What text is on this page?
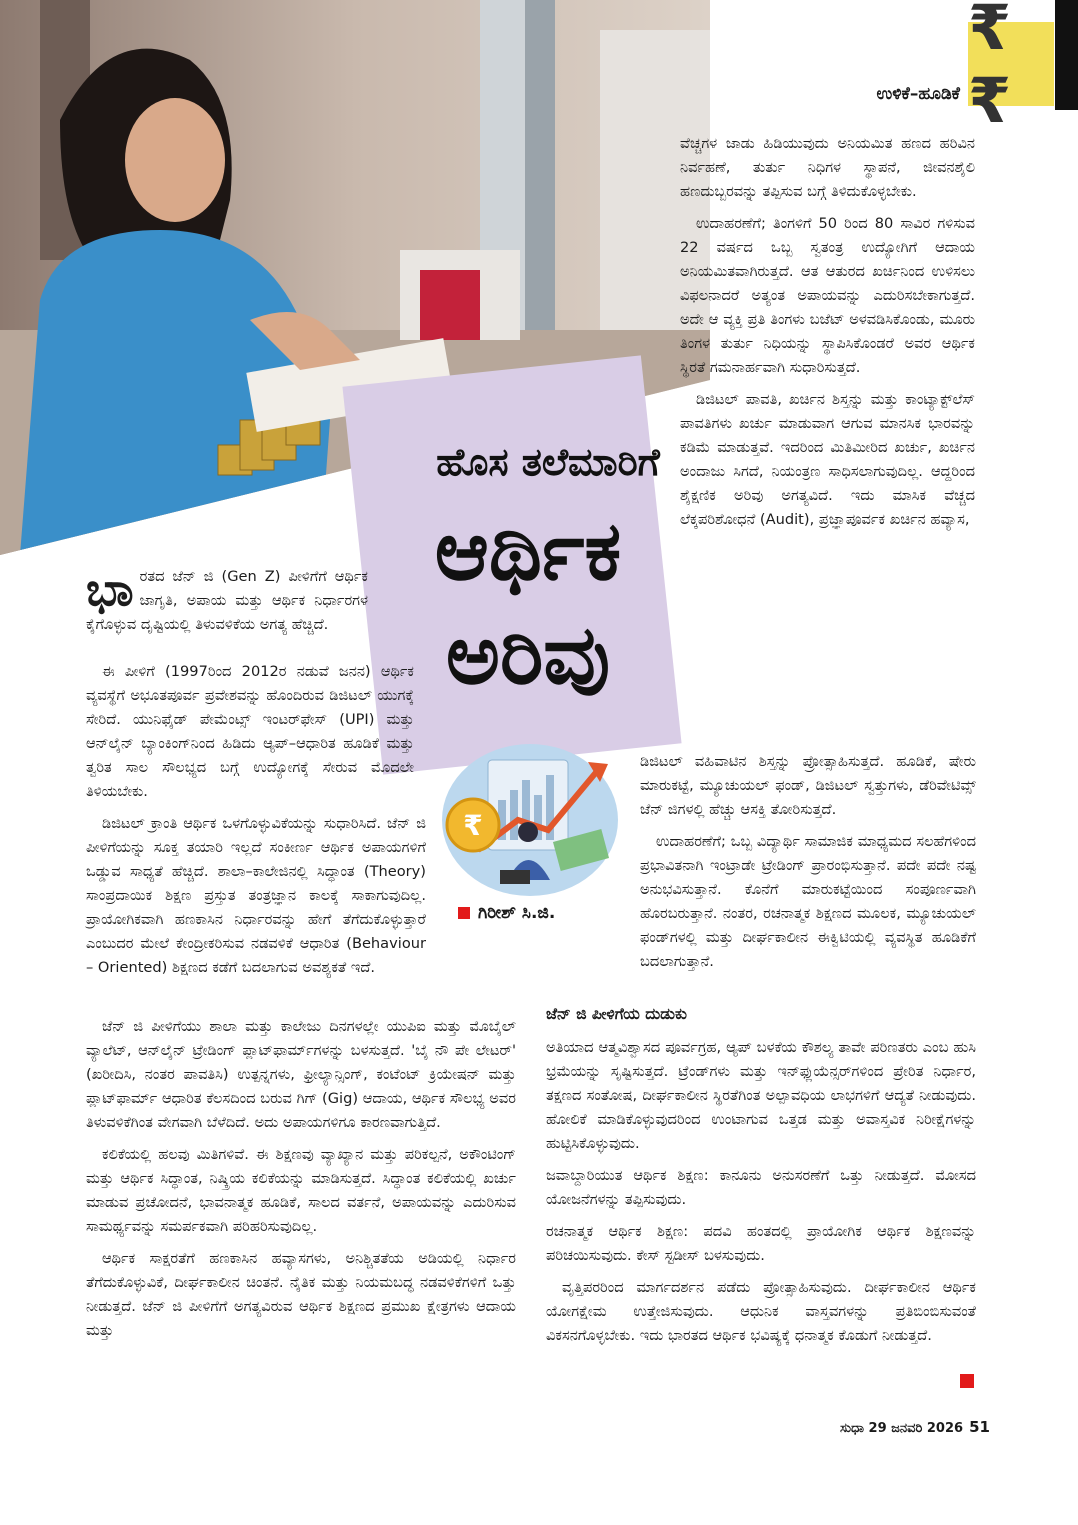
₹₹
ಉಳಿಕೆ–ಹೂಡಿಕೆ
ಹೊಸ ತಲೆಮಾರಿಗೆ
ಆರ್ಥಿಕ
ಅರಿವು
₹
ಗಿರೀಶ್ ಸಿ.ಜಿ.

ಭಾರತದ ಜೆನ್ ಜಿ (Gen Z) ಪೀಳಿಗೆಗೆ ಆರ್ಥಿಕ ಜಾಗೃತಿ, ಅಪಾಯ ಮತ್ತು ಆರ್ಥಿಕ ನಿರ್ಧಾರಗಳ ಕೈಗೊಳ್ಳುವ ದೃಷ್ಟಿಯಲ್ಲಿ ತಿಳುವಳಿಕೆಯ ಅಗತ್ಯ ಹೆಚ್ಚಿದೆ.

ಈ ಪೀಳಿಗೆ (1997ರಿಂದ 2012ರ ನಡುವೆ ಜನನ) ಆರ್ಥಿಕ ವ್ಯವಸ್ಥೆಗೆ ಅಭೂತಪೂರ್ವ ಪ್ರವೇಶವನ್ನು ಹೊಂದಿರುವ ಡಿಜಿಟಲ್ ಯುಗಕ್ಕೆ ಸೇರಿದೆ. ಯುನಿಫೈಡ್ ಪೇಮೆಂಟ್ಸ್ ಇಂಟರ್‌ಫೇಸ್ (UPI) ಮತ್ತು ಆನ್‌ಲೈನ್ ಬ್ಯಾಂಕಿಂಗ್‌ನಿಂದ ಹಿಡಿದು ಆ್ಯಪ್–ಆಧಾರಿತ ಹೂಡಿಕೆ ಮತ್ತು ತ್ವರಿತ ಸಾಲ ಸೌಲಭ್ಯದ ಬಗ್ಗೆ ಉದ್ಯೋಗಕ್ಕೆ ಸೇರುವ ಮೊದಲೇ ತಿಳಿಯಬೇಕು.

ಡಿಜಿಟಲ್ ಕ್ರಾಂತಿ ಆರ್ಥಿಕ ಒಳಗೊಳ್ಳುವಿಕೆಯನ್ನು ಸುಧಾರಿಸಿದೆ. ಜೆನ್ ಜಿ ಪೀಳಿಗೆಯನ್ನು ಸೂಕ್ತ ತಯಾರಿ ಇಲ್ಲದೆ ಸಂಕೀರ್ಣ ಆರ್ಥಿಕ ಅಪಾಯಗಳಿಗೆ ಒಡ್ಡುವ ಸಾಧ್ಯತೆ ಹೆಚ್ಚಿದೆ. ಶಾಲಾ–ಕಾಲೇಜಿನಲ್ಲಿ ಸಿದ್ಧಾಂತ (Theory) ಸಾಂಪ್ರದಾಯಿಕ ಶಿಕ್ಷಣ ಪ್ರಸ್ತುತ ತಂತ್ರಜ್ಞಾನ ಕಾಲಕ್ಕೆ ಸಾಕಾಗುವುದಿಲ್ಲ. ಪ್ರಾಯೋಗಿಕವಾಗಿ ಹಣಕಾಸಿನ ನಿರ್ಧಾರವನ್ನು ಹೇಗೆ ತೆಗೆದುಕೊಳ್ಳುತ್ತಾರೆ ಎಂಬುದರ ಮೇಲೆ ಕೇಂದ್ರೀಕರಿಸುವ ನಡವಳಿಕೆ ಆಧಾರಿತ (Behaviour – Oriented) ಶಿಕ್ಷಣದ ಕಡೆಗೆ ಬದಲಾಗುವ ಅವಶ್ಯಕತೆ ಇದೆ.

ಜೆನ್ ಜಿ ಪೀಳಿಗೆಯು ಶಾಲಾ ಮತ್ತು ಕಾಲೇಜು ದಿನಗಳಲ್ಲೇ ಯುಪಿಐ ಮತ್ತು ಮೊಬೈಲ್ ವ್ಯಾಲೆಟ್, ಆನ್‌ಲೈನ್ ಟ್ರೇಡಿಂಗ್ ಪ್ಲಾಟ್‌ಫಾರ್ಮ್‌ಗಳನ್ನು ಬಳಸುತ್ತದೆ. 'ಬೈ ನೌ ಪೇ ಲೇಟರ್' (ಖರೀದಿಸಿ, ನಂತರ ಪಾವತಿಸಿ) ಉತ್ಪನ್ನಗಳು, ಫ್ರೀಲ್ಯಾನ್ಸಿಂಗ್, ಕಂಟೆಂಟ್ ಕ್ರಿಯೇಷನ್ ಮತ್ತು ಪ್ಲಾಟ್‌ಫಾರ್ಮ್ ಆಧಾರಿತ ಕೆಲಸದಿಂದ ಬರುವ ಗಿಗ್ (Gig) ಆದಾಯ, ಆರ್ಥಿಕ ಸೌಲಭ್ಯ ಅವರ ತಿಳುವಳಿಕೆಗಿಂತ ವೇಗವಾಗಿ ಬೆಳೆದಿದೆ. ಅದು ಅಪಾಯಗಳಿಗೂ ಕಾರಣವಾಗುತ್ತಿದೆ.

ಕಲಿಕೆಯಲ್ಲಿ ಹಲವು ಮಿತಿಗಳಿವೆ. ಈ ಶಿಕ್ಷಣವು ವ್ಯಾಖ್ಯಾನ ಮತ್ತು ಪರಿಕಲ್ಪನೆ, ಅಕೌಂಟಿಂಗ್ ಮತ್ತು ಆರ್ಥಿಕ ಸಿದ್ಧಾಂತ, ನಿಷ್ಕ್ರಿಯ ಕಲಿಕೆಯನ್ನು ಮಾಡಿಸುತ್ತದೆ. ಸಿದ್ಧಾಂತ ಕಲಿಕೆಯಲ್ಲಿ ಖರ್ಚು ಮಾಡುವ ಪ್ರಚೋದನೆ, ಭಾವನಾತ್ಮಕ ಹೂಡಿಕೆ, ಸಾಲದ ವರ್ತನೆ, ಅಪಾಯವನ್ನು ಎದುರಿಸುವ ಸಾಮರ್ಥ್ಯವನ್ನು ಸಮರ್ಪಕವಾಗಿ ಪರಿಹರಿಸುವುದಿಲ್ಲ.

ಆರ್ಥಿಕ ಸಾಕ್ಷರತೆಗೆ ಹಣಕಾಸಿನ ಹವ್ಯಾಸಗಳು, ಅನಿಶ್ಚಿತತೆಯ ಅಡಿಯಲ್ಲಿ ನಿರ್ಧಾರ ತೆಗೆದುಕೊಳ್ಳುವಿಕೆ, ದೀರ್ಘಕಾಲೀನ ಚಿಂತನೆ. ನೈತಿಕ ಮತ್ತು ನಿಯಮಬದ್ಧ ನಡವಳಿಕೆಗಳಿಗೆ ಒತ್ತು ನೀಡುತ್ತದೆ. ಜೆನ್ ಜಿ ಪೀಳಿಗೆಗೆ ಅಗತ್ಯವಿರುವ ಆರ್ಥಿಕ ಶಿಕ್ಷಣದ ಪ್ರಮುಖ ಕ್ಷೇತ್ರಗಳು ಆದಾಯ ಮತ್ತು

ವೆಚ್ಚಗಳ ಜಾಡು ಹಿಡಿಯುವುದು ಅನಿಯಮಿತ ಹಣದ ಹರಿವಿನ ನಿರ್ವಹಣೆ, ತುರ್ತು ನಿಧಿಗಳ ಸ್ಥಾಪನೆ, ಜೀವನಶೈಲಿ ಹಣದುಬ್ಬರವನ್ನು ತಪ್ಪಿಸುವ ಬಗ್ಗೆ ತಿಳಿದುಕೊಳ್ಳಬೇಕು.

ಉದಾಹರಣೆಗೆ; ತಿಂಗಳಿಗೆ 50 ರಿಂದ 80 ಸಾವಿರ ಗಳಿಸುವ 22 ವರ್ಷದ ಒಬ್ಬ ಸ್ವತಂತ್ರ ಉದ್ಯೋಗಿಗೆ ಆದಾಯ ಅನಿಯಮಿತವಾಗಿರುತ್ತದೆ. ಆತ ಆತುರದ ಖರ್ಚಿನಿಂದ ಉಳಿಸಲು ವಿಫಲನಾದರೆ ಅತ್ಯಂತ ಅಪಾಯವನ್ನು ಎದುರಿಸಬೇಕಾಗುತ್ತದೆ. ಅದೇ ಆ ವ್ಯಕ್ತಿ ಪ್ರತಿ ತಿಂಗಳು ಬಜೆಟ್ ಅಳವಡಿಸಿಕೊಂಡು, ಮೂರು ತಿಂಗಳ ತುರ್ತು ನಿಧಿಯನ್ನು ಸ್ಥಾಪಿಸಿಕೊಂಡರೆ ಅವರ ಆರ್ಥಿಕ ಸ್ಥಿರತೆ ಗಮನಾರ್ಹವಾಗಿ ಸುಧಾರಿಸುತ್ತದೆ.

ಡಿಜಿಟಲ್ ಪಾವತಿ, ಖರ್ಚಿನ ಶಿಸ್ತನ್ನು ಮತ್ತು ಕಾಂಟ್ಯಾಕ್ಟ್‌ಲೆಸ್ ಪಾವತಿಗಳು ಖರ್ಚು ಮಾಡುವಾಗ ಆಗುವ ಮಾನಸಿಕ ಭಾರವನ್ನು ಕಡಿಮೆ ಮಾಡುತ್ತವೆ. ಇದರಿಂದ ಮಿತಿಮೀರಿದ ಖರ್ಚು, ಖರ್ಚಿನ ಅಂದಾಜು ಸಿಗದೆ, ನಿಯಂತ್ರಣ ಸಾಧಿಸಲಾಗುವುದಿಲ್ಲ. ಆದ್ದರಿಂದ ಶೈಕ್ಷಣಿಕ ಅರಿವು ಅಗತ್ಯವಿದೆ. ಇದು ಮಾಸಿಕ ವೆಚ್ಚದ ಲೆಕ್ಕಪರಿಶೋಧನೆ (Audit), ಪ್ರಜ್ಞಾಪೂರ್ವಕ ಖರ್ಚಿನ ಹವ್ಯಾಸ,

ಡಿಜಿಟಲ್ ವಹಿವಾಟಿನ ಶಿಸ್ತನ್ನು ಪ್ರೋತ್ಸಾಹಿಸುತ್ತದೆ. ಹೂಡಿಕೆ, ಷೇರು ಮಾರುಕಟ್ಟೆ, ಮ್ಯೂಚುಯಲ್ ಫಂಡ್, ಡಿಜಿಟಲ್ ಸ್ವತ್ತುಗಳು, ಡೆರಿವೇಟಿವ್ಸ್ ಜೆನ್ ಜಿಗಳಲ್ಲಿ ಹೆಚ್ಚು ಆಸಕ್ತಿ ತೋರಿಸುತ್ತದೆ.

ಉದಾಹರಣೆಗೆ; ಒಬ್ಬ ವಿದ್ಯಾರ್ಥಿ ಸಾಮಾಜಿಕ ಮಾಧ್ಯಮದ ಸಲಹೆಗಳಿಂದ ಪ್ರಭಾವಿತನಾಗಿ ಇಂಟ್ರಾಡೇ ಟ್ರೇಡಿಂಗ್ ಪ್ರಾರಂಭಿಸುತ್ತಾನೆ. ಪದೇ ಪದೇ ನಷ್ಟ ಅನುಭವಿಸುತ್ತಾನೆ. ಕೊನೆಗೆ ಮಾರುಕಟ್ಟೆಯಿಂದ ಸಂಪೂರ್ಣವಾಗಿ ಹೊರಬರುತ್ತಾನೆ. ನಂತರ, ರಚನಾತ್ಮಕ ಶಿಕ್ಷಣದ ಮೂಲಕ, ಮ್ಯೂಚುಯಲ್ ಫಂಡ್‌ಗಳಲ್ಲಿ ಮತ್ತು ದೀರ್ಘಕಾಲೀನ ಈಕ್ವಿಟಿಯಲ್ಲಿ ವ್ಯವಸ್ಥಿತ ಹೂಡಿಕೆಗೆ ಬದಲಾಗುತ್ತಾನೆ.

ಜೆನ್ ಜಿ ಪೀಳಿಗೆಯ ದುಡುಕು

ಅತಿಯಾದ ಆತ್ಮವಿಶ್ವಾಸದ ಪೂರ್ವಗ್ರಹ, ಆ್ಯಪ್ ಬಳಕೆಯ ಕೌಶಲ್ಯ ತಾವೇ ಪರಿಣತರು ಎಂಬ ಹುಸಿ ಭ್ರಮೆಯನ್ನು ಸೃಷ್ಟಿಸುತ್ತದೆ. ಟ್ರೆಂಡ್‌ಗಳು ಮತ್ತು ಇನ್‌ಫ್ಲುಯೆನ್ಸರ್‌ಗಳಿಂದ ಪ್ರೇರಿತ ನಿರ್ಧಾರ, ತಕ್ಷಣದ ಸಂತೋಷ, ದೀರ್ಘಕಾಲೀನ ಸ್ಥಿರತೆಗಿಂತ ಅಲ್ಪಾವಧಿಯ ಲಾಭಗಳಿಗೆ ಆದ್ಯತೆ ನೀಡುವುದು. ಹೋಲಿಕೆ ಮಾಡಿಕೊಳ್ಳುವುದರಿಂದ ಉಂಟಾಗುವ ಒತ್ತಡ ಮತ್ತು ಅವಾಸ್ತವಿಕ ನಿರೀಕ್ಷೆಗಳನ್ನು ಹುಟ್ಟಿಸಿಕೊಳ್ಳುವುದು.

ಜವಾಬ್ದಾರಿಯುತ ಆರ್ಥಿಕ ಶಿಕ್ಷಣ: ಕಾನೂನು ಅನುಸರಣೆಗೆ ಒತ್ತು ನೀಡುತ್ತದೆ. ಮೋಸದ ಯೋಜನೆಗಳನ್ನು ತಪ್ಪಿಸುವುದು.

ರಚನಾತ್ಮಕ ಆರ್ಥಿಕ ಶಿಕ್ಷಣ: ಪದವಿ ಹಂತದಲ್ಲಿ ಪ್ರಾಯೋಗಿಕ ಆರ್ಥಿಕ ಶಿಕ್ಷಣವನ್ನು ಪರಿಚಯಿಸುವುದು. ಕೇಸ್ ಸ್ಟಡೀಸ್ ಬಳಸುವುದು.

ವೃತ್ತಿಪರರಿಂದ ಮಾರ್ಗದರ್ಶನ ಪಡೆದು ಪ್ರೋತ್ಸಾಹಿಸುವುದು. ದೀರ್ಘಕಾಲೀನ ಆರ್ಥಿಕ ಯೋಗಕ್ಷೇಮ ಉತ್ತೇಜಿಸುವುದು. ಆಧುನಿಕ ವಾಸ್ತವಗಳನ್ನು ಪ್ರತಿಬಿಂಬಿಸುವಂತೆ ವಿಕಸನಗೊಳ್ಳಬೇಕು. ಇದು ಭಾರತದ ಆರ್ಥಿಕ ಭವಿಷ್ಯಕ್ಕೆ ಧನಾತ್ಮಕ ಕೊಡುಗೆ ನೀಡುತ್ತದೆ.

ಸುಧಾ 29 ಜನವರಿ 2026 51
